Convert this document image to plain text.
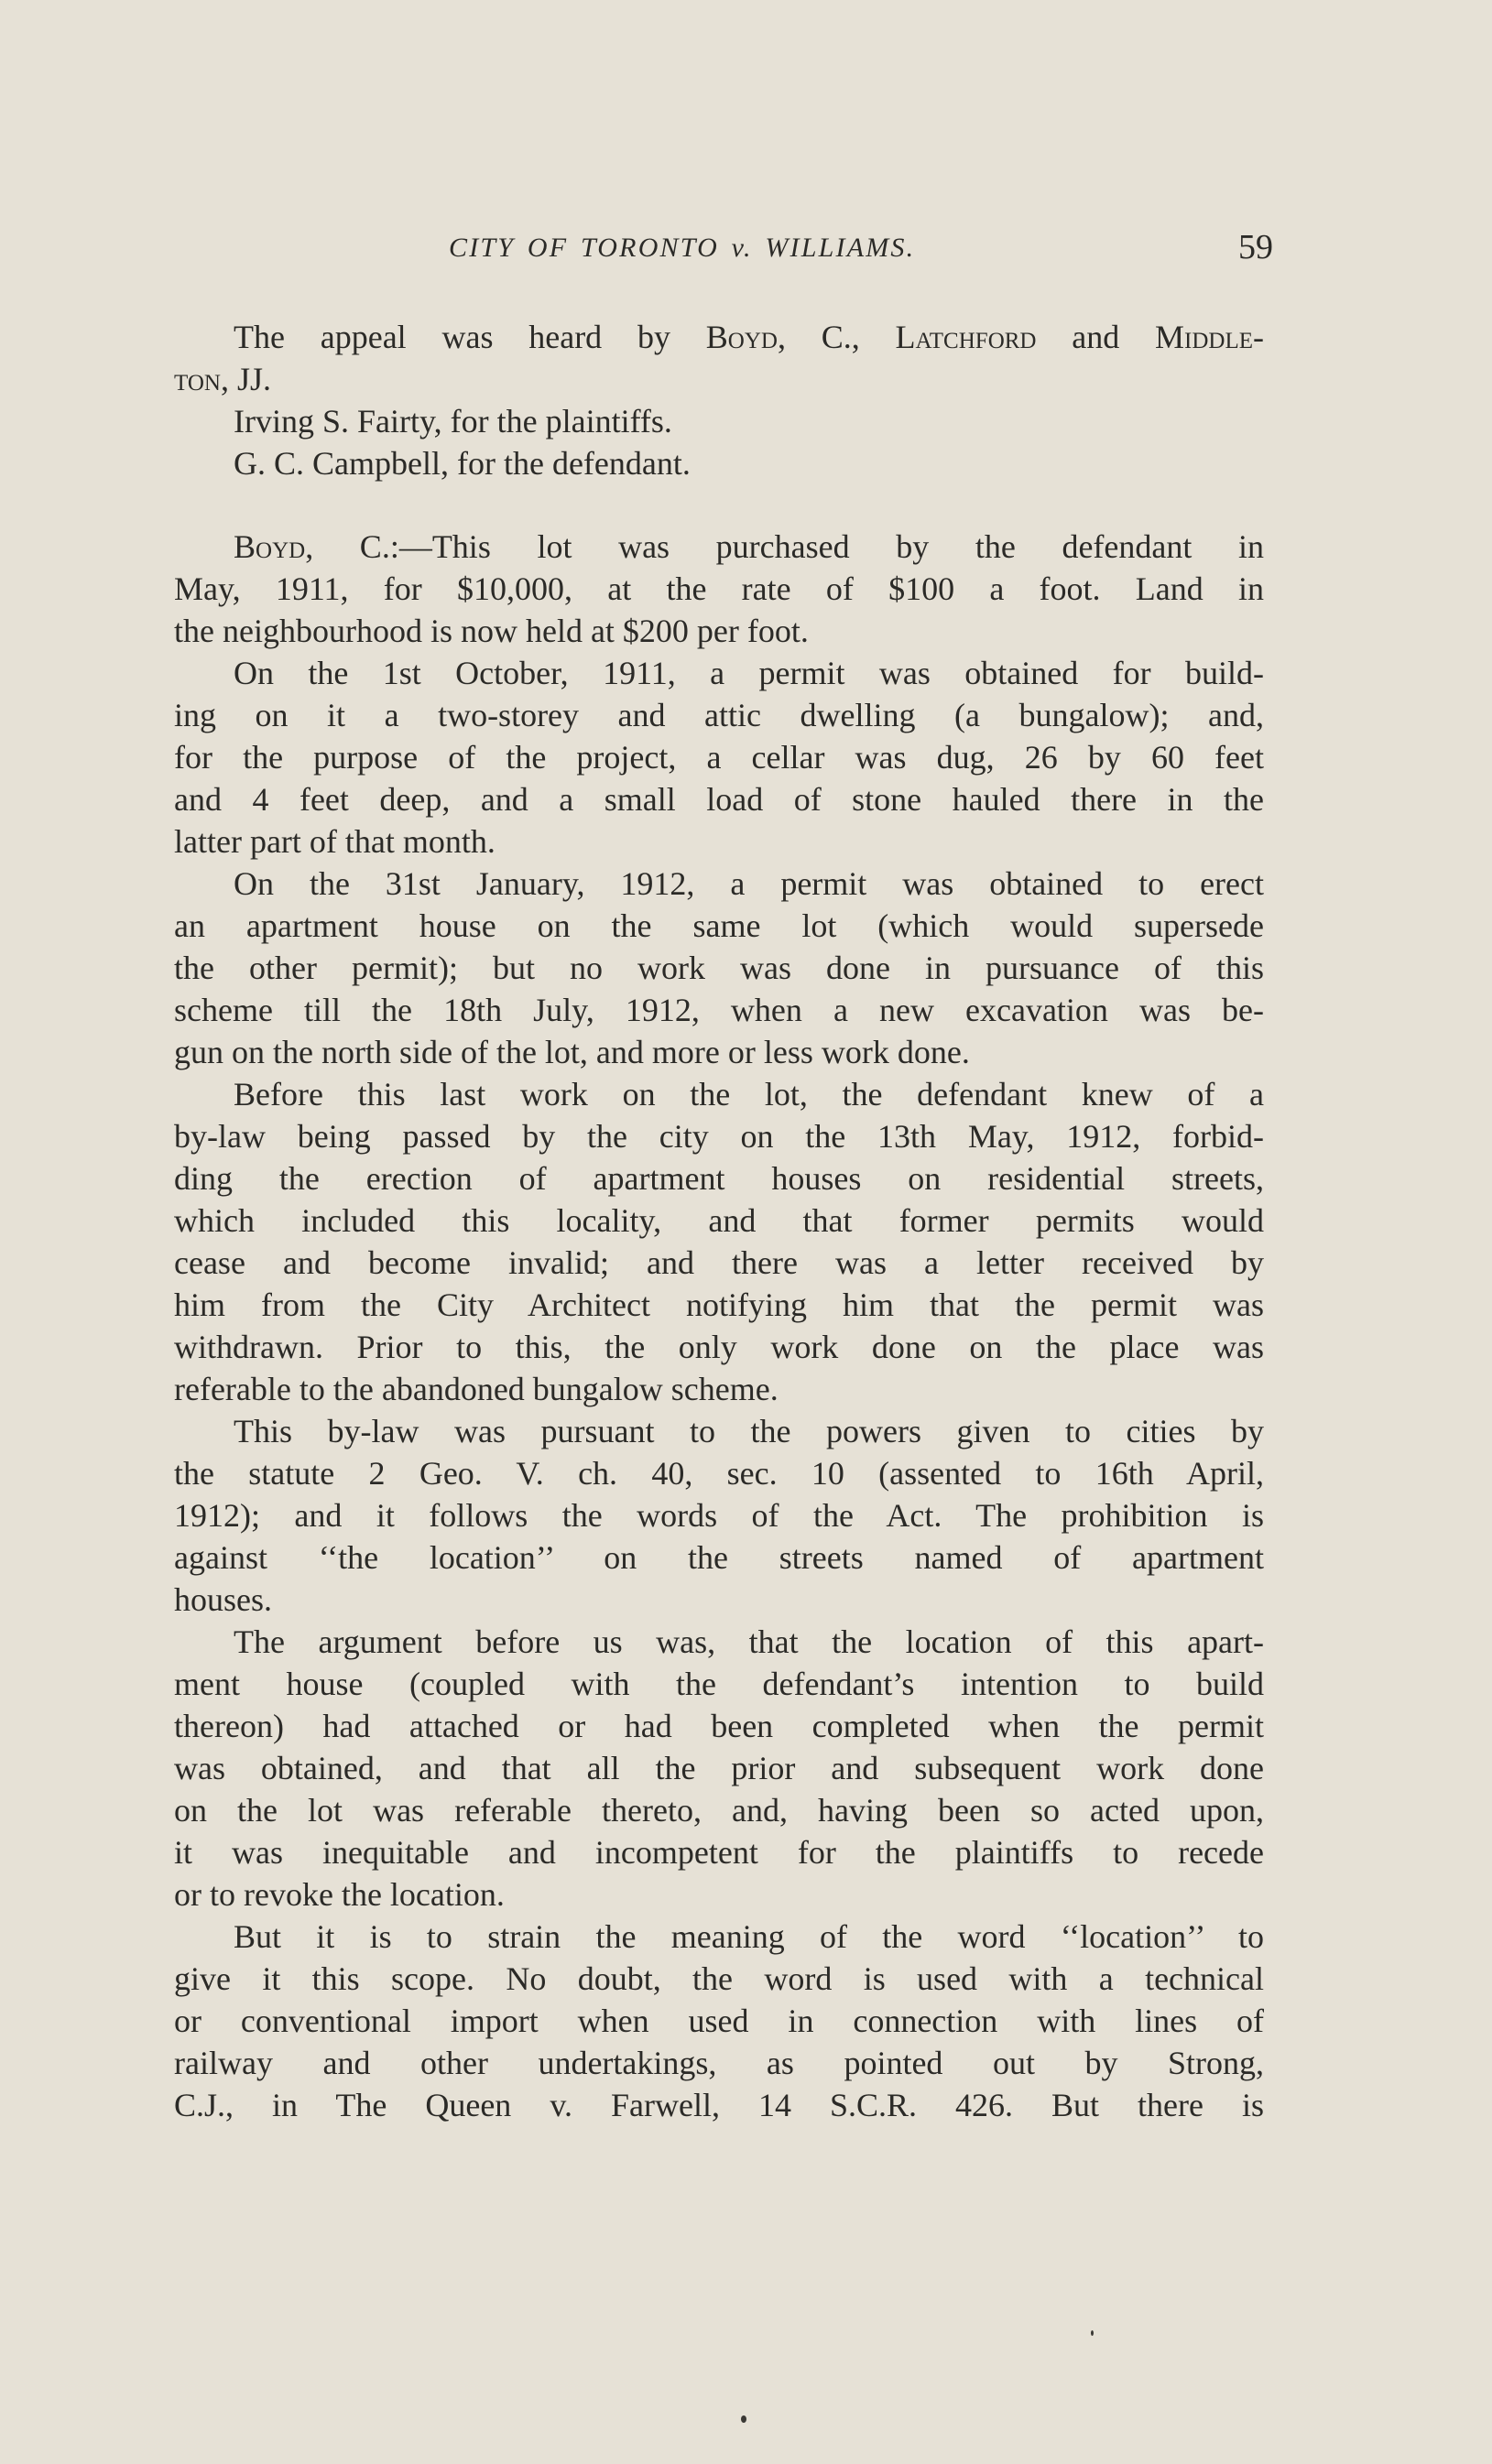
CITY OF TORONTO v. WILLIAMS.	59
The appeal was heard by Boyd, C., Latchford and Middle-
ton, JJ.
Irving S. Fairty, for the plaintiffs.
G. C. Campbell, for the defendant.
Boyd, C.:—This lot was purchased by the defendant in
May, 1911, for $10,000, at the rate of $100 a foot. Land in
the neighbourhood is now held at $200 per foot.
On the 1st October, 1911, a permit was obtained for build-
ing on it a two-storey and attic dwelling (a bungalow); and,
for the purpose of the project, a cellar was dug, 26 by 60 feet
and 4 feet deep, and a small load of stone hauled there in the
latter part of that month.
On the 31st January, 1912, a permit was obtained to erect
an apartment house on the same lot (which would supersede
the other permit); but no work was done in pursuance of this
scheme till the 18th July, 1912, when a new excavation was be-
gun on the north side of the lot, and more or less work done.
Before this last work on the lot, the defendant knew of a
by-law being passed by the city on the 13th May, 1912, forbid-
ding the erection of apartment houses on residential streets,
which included this locality, and that former permits would
cease and become invalid; and there was a letter received by
him from the City Architect notifying him that the permit was
withdrawn. Prior to this, the only work done on the place was
referable to the abandoned bungalow scheme.
This by-law was pursuant to the powers given to cities by
the statute 2 Geo. V. ch. 40, sec. 10 (assented to 16th April,
1912); and it follows the words of the Act. The prohibition is
against ‘‘the location’’ on the streets named of apartment
houses.
The argument before us was, that the location of this apart-
ment house (coupled with the defendant’s intention to build
thereon) had attached or had been completed when the permit
was obtained, and that all the prior and subsequent work done
on the lot was referable thereto, and, having been so acted upon,
it was inequitable and incompetent for the plaintiffs to recede
or to revoke the location.
But it is to strain the meaning of the word ‘‘location’’ to
give it this scope. No doubt, the word is used with a technical
or conventional import when used in connection with lines of
railway and other undertakings, as pointed out by Strong,
C.J., in The Queen v. Farwell, 14 S.C.R. 426. But there is
